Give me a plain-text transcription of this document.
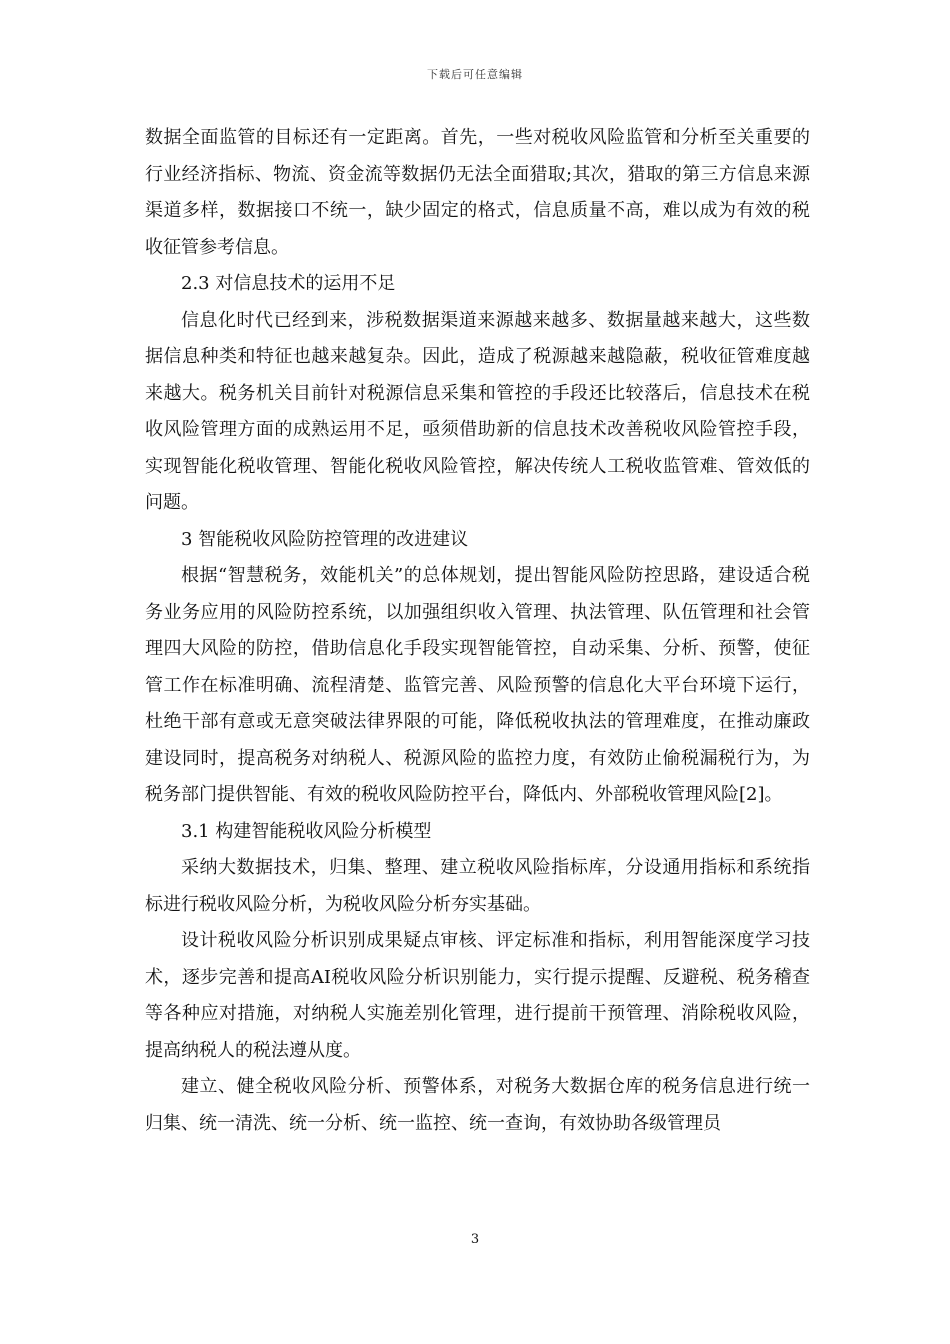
下载后可任意编辑

数据全面监管的目标还有一定距离。首先，一些对税收风险监管和分析至关重要的行业经济指标、物流、资金流等数据仍无法全面猎取;其次，猎取的第三方信息来源渠道多样，数据接口不统一，缺少固定的格式，信息质量不高，难以成为有效的税收征管参考信息。

2.3 对信息技术的运用不足

信息化时代已经到来，涉税数据渠道来源越来越多、数据量越来越大，这些数据信息种类和特征也越来越复杂。因此，造成了税源越来越隐蔽，税收征管难度越来越大。税务机关目前针对税源信息采集和管控的手段还比较落后，信息技术在税收风险管理方面的成熟运用不足，亟须借助新的信息技术改善税收风险管控手段，实现智能化税收管理、智能化税收风险管控，解决传统人工税收监管难、管效低的问题。

3 智能税收风险防控管理的改进建议

根据“智慧税务，效能机关”的总体规划，提出智能风险防控思路，建设适合税务业务应用的风险防控系统，以加强组织收入管理、执法管理、队伍管理和社会管理四大风险的防控，借助信息化手段实现智能管控，自动采集、分析、预警，使征管工作在标准明确、流程清楚、监管完善、风险预警的信息化大平台环境下运行，杜绝干部有意或无意突破法律界限的可能，降低税收执法的管理难度，在推动廉政建设同时，提高税务对纳税人、税源风险的监控力度，有效防止偷税漏税行为，为税务部门提供智能、有效的税收风险防控平台，降低内、外部税收管理风险[2]。

3.1 构建智能税收风险分析模型

采纳大数据技术，归集、整理、建立税收风险指标库，分设通用指标和系统指标进行税收风险分析，为税收风险分析夯实基础。

设计税收风险分析识别成果疑点审核、评定标准和指标，利用智能深度学习技术，逐步完善和提高AI税收风险分析识别能力，实行提示提醒、反避税、税务稽查等各种应对措施，对纳税人实施差别化管理，进行提前干预管理、消除税收风险，提高纳税人的税法遵从度。

建立、健全税收风险分析、预警体系，对税务大数据仓库的税务信息进行统一归集、统一清洗、统一分析、统一监控、统一查询，有效协助各级管理员

3
